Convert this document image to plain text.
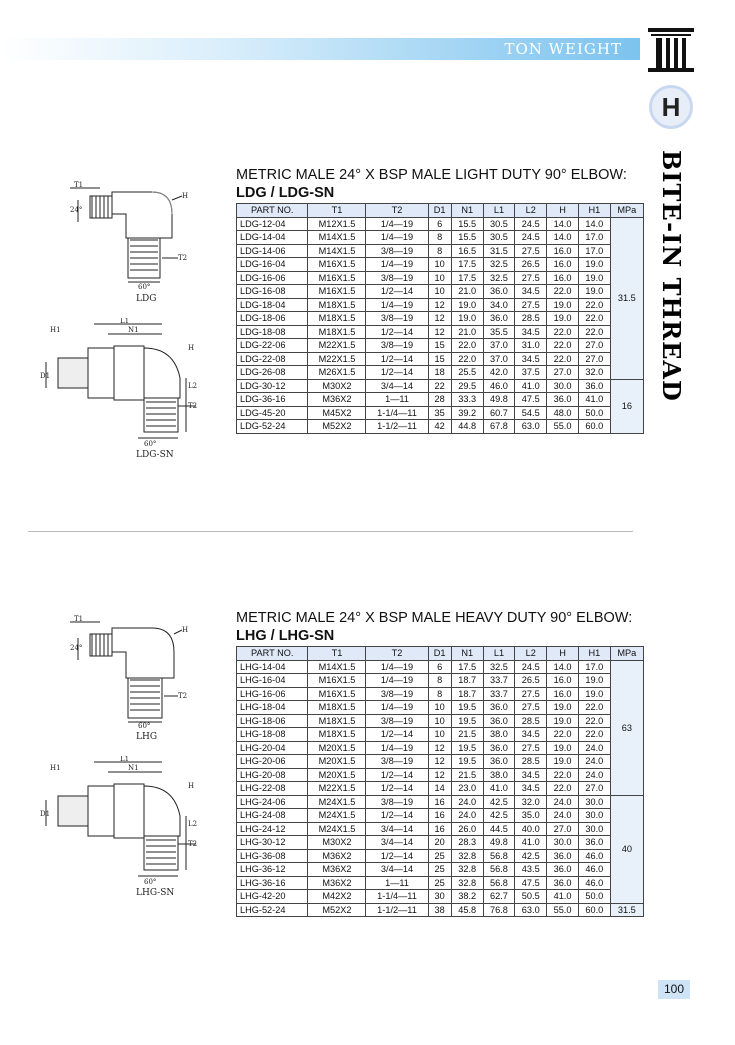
TON WEIGHT
H
BITE-IN THREAD
METRIC MALE 24° X BSP MALE LIGHT DUTY 90° ELBOW:
LDG / LDG-SN
PART NO.	T1	T2	D1	N1	L1	L2	H	H1	MPa
LDG-12-04	M12X1.5	1/4—19	6	15.5	30.5	24.5	14.0	14.0	31.5
LDG-14-04	M14X1.5	1/4—19	8	15.5	30.5	24.5	14.0	17.0	
LDG-14-06	M14X1.5	3/8—19	8	16.5	31.5	27.5	16.0	17.0	
LDG-16-04	M16X1.5	1/4—19	10	17.5	32.5	26.5	16.0	19.0	
LDG-16-06	M16X1.5	3/8—19	10	17.5	32.5	27.5	16.0	19.0	
LDG-16-08	M16X1.5	1/2—14	10	21.0	36.0	34.5	22.0	19.0	
LDG-18-04	M18X1.5	1/4—19	12	19.0	34.0	27.5	19.0	22.0	
LDG-18-06	M18X1.5	3/8—19	12	19.0	36.0	28.5	19.0	22.0	
LDG-18-08	M18X1.5	1/2—14	12	21.0	35.5	34.5	22.0	22.0	
LDG-22-06	M22X1.5	3/8—19	15	22.0	37.0	31.0	22.0	27.0	
LDG-22-08	M22X1.5	1/2—14	15	22.0	37.0	34.5	22.0	27.0	
LDG-26-08	M26X1.5	1/2—14	18	25.5	42.0	37.5	27.0	32.0	
LDG-30-12	M30X2	3/4—14	22	29.5	46.0	41.0	30.0	36.0	16
LDG-36-16	M36X2	1—11	28	33.3	49.8	47.5	36.0	41.0	
LDG-45-20	M45X2	1-1/4—11	35	39.2	60.7	54.5	48.0	50.0	
LDG-52-24	M52X2	1-1/2—11	42	44.8	67.8	63.0	55.0	60.0	
24°
T1
H
T2
60°
LDG
L1
N1
H1
D1
T2
L2
H
60°
LDG-SN
METRIC MALE 24° X BSP MALE HEAVY DUTY 90° ELBOW:
LHG / LHG-SN
PART NO.	T1	T2	D1	N1	L1	L2	H	H1	MPa
LHG-14-04	M14X1.5	1/4—19	6	17.5	32.5	24.5	14.0	17.0	63
LHG-16-04	M16X1.5	1/4—19	8	18.7	33.7	26.5	16.0	19.0	
LHG-16-06	M16X1.5	3/8—19	8	18.7	33.7	27.5	16.0	19.0	
LHG-18-04	M18X1.5	1/4—19	10	19.5	36.0	27.5	19.0	22.0	
LHG-18-06	M18X1.5	3/8—19	10	19.5	36.0	28.5	19.0	22.0	
LHG-18-08	M18X1.5	1/2—14	10	21.5	38.0	34.5	22.0	22.0	
LHG-20-04	M20X1.5	1/4—19	12	19.5	36.0	27.5	19.0	24.0	
LHG-20-06	M20X1.5	3/8—19	12	19.5	36.0	28.5	19.0	24.0	
LHG-20-08	M20X1.5	1/2—14	12	21.5	38.0	34.5	22.0	24.0	
LHG-22-08	M22X1.5	1/2—14	14	23.0	41.0	34.5	22.0	27.0	
LHG-24-06	M24X1.5	3/8—19	16	24.0	42.5	32.0	24.0	30.0	40
LHG-24-08	M24X1.5	1/2—14	16	24.0	42.5	35.0	24.0	30.0	
LHG-24-12	M24X1.5	3/4—14	16	26.0	44.5	40.0	27.0	30.0	
LHG-30-12	M30X2	3/4—14	20	28.3	49.8	41.0	30.0	36.0	
LHG-36-08	M36X2	1/2—14	25	32.8	56.8	42.5	36.0	46.0	
LHG-36-12	M36X2	3/4—14	25	32.8	56.8	43.5	36.0	46.0	
LHG-36-16	M36X2	1—11	25	32.8	56.8	47.5	36.0	46.0	
LHG-42-20	M42X2	1-1/4—11	30	38.2	62.7	50.5	41.0	50.0	
LHG-52-24	M52X2	1-1/2—11	38	45.8	76.8	63.0	55.0	60.0	31.5
24°
T1
H
T2
60°
LHG
L1
N1
H1
D1
T2
L2
H
60°
LHG-SN
100
